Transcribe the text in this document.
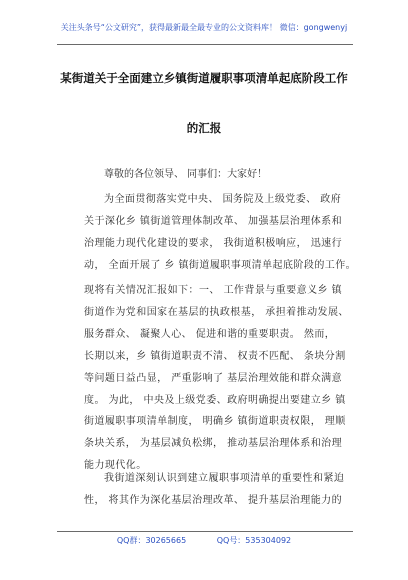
关注头条号“公文研究”，获得最新最全最专业的公文资料库！ 微信：gongwenyj
某街道关于全面建立乡镇街道履职事项清单起底阶段工作
的汇报
尊敬的各位领导、 同事们：大家好！
为全面贯彻落实党中央、 国务院及上级党委、 政府
关于深化乡 镇街道管理体制改革、 加强基层治理体系和
治理能力现代化建设的要求， 我街道积极响应， 迅速行
动， 全面开展了 乡 镇街道履职事项清单起底阶段的工作。
现将有关情况汇报如下：一、 工作背景与重要意义乡 镇
街道作为党和国家在基层的执政根基， 承担着推动发展、
服务群众、 凝聚人心、 促进和谐的重要职责。 然而，
长期以来，乡 镇街道职责不清、 权责不匹配、 条块分割
等问题日益凸显， 严重影响了 基层治理效能和群众满意
度。 为此， 中央及上级党委、政府明确提出要建立乡 镇
街道履职事项清单制度， 明确乡 镇街道职责权限， 理顺
条块关系， 为基层减负松绑， 推动基层治理体系和治理
能力现代化。
我街道深刻认识到建立履职事项清单的重要性和紧迫
性， 将其作为深化基层治理改革、 提升基层治理能力的
QQ群：30265665	QQ号：535304092
